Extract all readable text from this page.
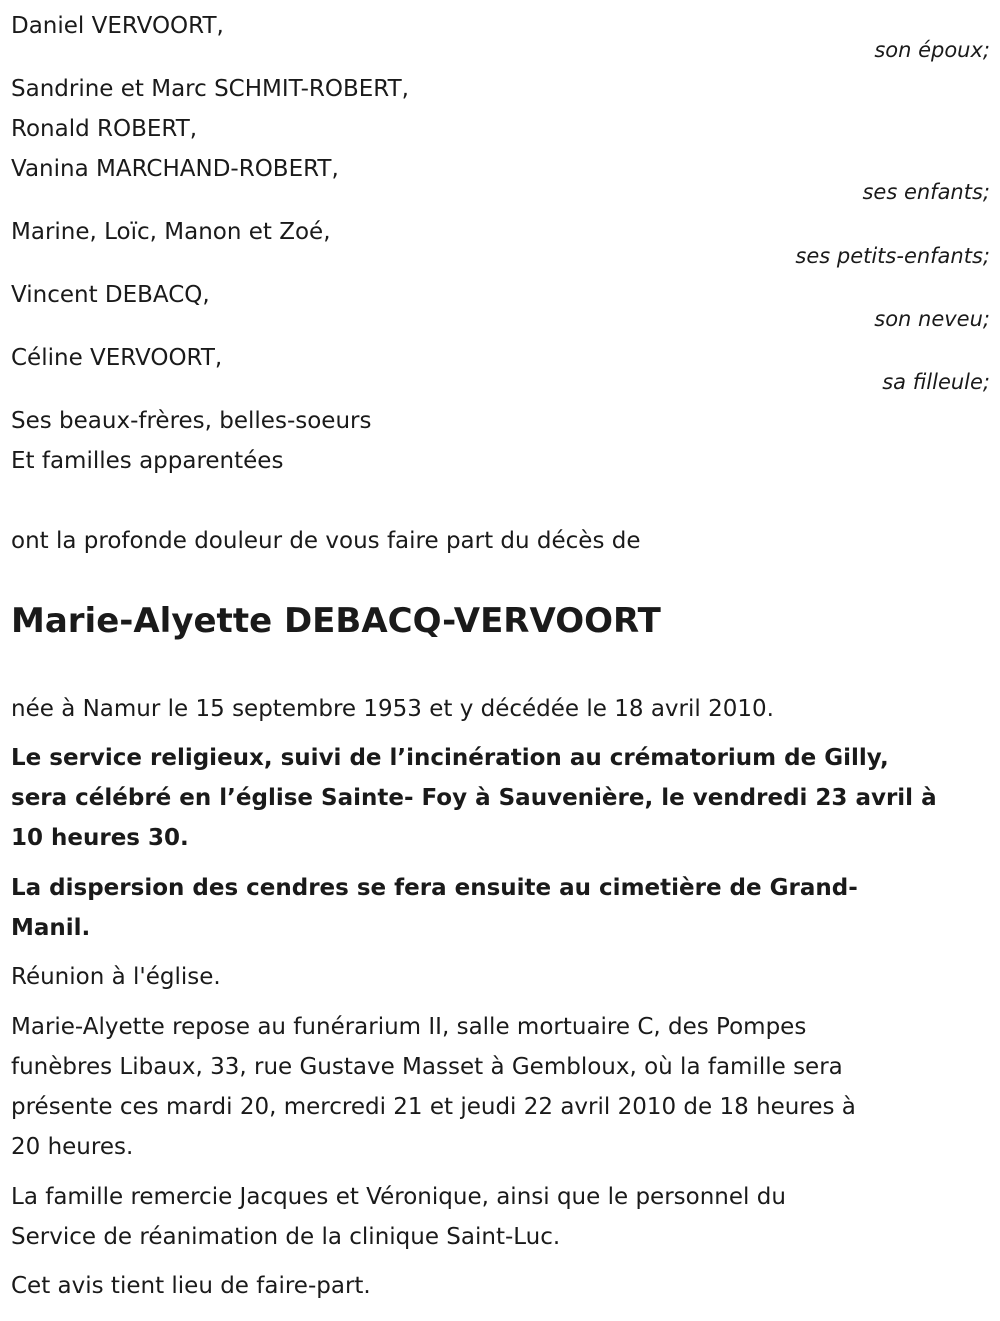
Daniel VERVOORT,
son époux;
Sandrine et Marc SCHMIT-ROBERT,
Ronald ROBERT,
Vanina MARCHAND-ROBERT,
ses enfants;
Marine, Loïc, Manon et Zoé,
ses petits-enfants;
Vincent DEBACQ,
son neveu;
Céline VERVOORT,
sa filleule;
Ses beaux-frères, belles-soeurs
Et familles apparentées
ont la profonde douleur de vous faire part du décès de
Marie-Alyette DEBACQ-VERVOORT
née à Namur le 15 septembre 1953 et y décédée le 18 avril 2010.
Le service religieux, suivi de l’incinération au crématorium de Gilly,
sera célébré en l’église Sainte- Foy à Sauvenière, le vendredi 23 avril à
10 heures 30.
La dispersion des cendres se fera ensuite au cimetière de Grand-
Manil.
Réunion à l'église.
Marie-Alyette repose au funérarium II, salle mortuaire C, des Pompes
funèbres Libaux, 33, rue Gustave Masset à Gembloux, où la famille sera
présente ces mardi 20, mercredi 21 et jeudi 22 avril 2010 de 18 heures à
20 heures.
La famille remercie Jacques et Véronique, ainsi que le personnel du
Service de réanimation de la clinique Saint-Luc.
Cet avis tient lieu de faire-part.
